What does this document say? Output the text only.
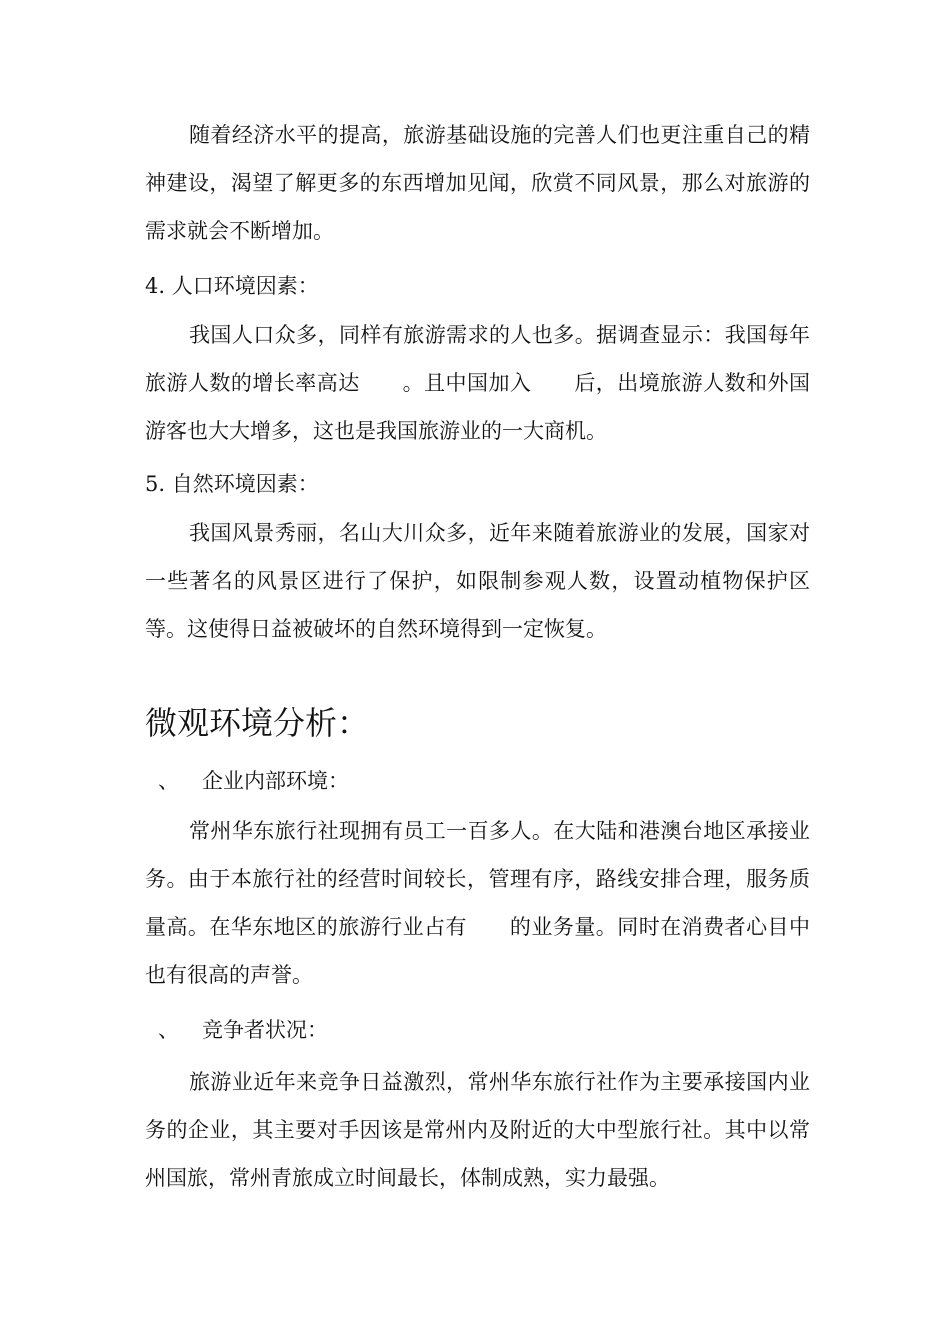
随着经济水平的提高，旅游基础设施的完善人们也更注重自己的精神建设，渴望了解更多的东西增加见闻，欣赏不同风景，那么对旅游的需求就会不断增加。

4. 人口环境因素：

我国人口众多，同样有旅游需求的人也多。据调查显示：我国每年旅游人数的增长率高达　　。且中国加入　　后，出境旅游人数和外国游客也大大增多，这也是我国旅游业的一大商机。

5. 自然环境因素：

我国风景秀丽，名山大川众多，近年来随着旅游业的发展，国家对一些著名的风景区进行了保护，如限制参观人数，设置动植物保护区等。这使得日益被破坏的自然环境得到一定恢复。

微观环境分析：

、 企业内部环境：

常州华东旅行社现拥有员工一百多人。在大陆和港澳台地区承接业务。由于本旅行社的经营时间较长，管理有序，路线安排合理，服务质量高。在华东地区的旅游行业占有　　的业务量。同时在消费者心目中也有很高的声誉。

、 竞争者状况：

旅游业近年来竞争日益激烈，常州华东旅行社作为主要承接国内业务的企业，其主要对手因该是常州内及附近的大中型旅行社。其中以常州国旅，常州青旅成立时间最长，体制成熟，实力最强。
